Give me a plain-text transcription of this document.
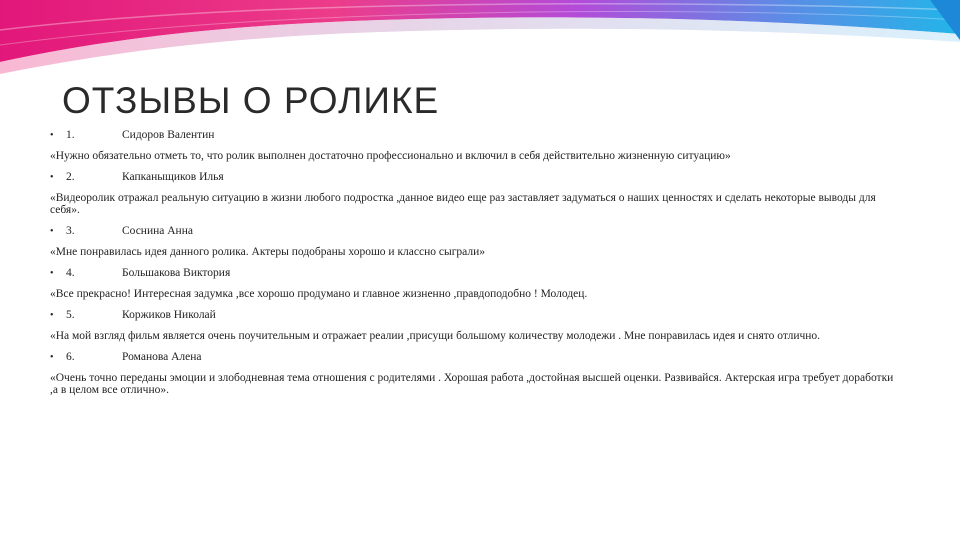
ОТЗЫВЫ О РОЛИКЕ
•	1.	Сидоров Валентин

«Нужно обязательно отметь то, что ролик выполнен достаточно профессионально и включил в себя действительно жизненную ситуацию»

•	2.	Капканыщиков Илья

«Видеоролик отражал реальную ситуацию в жизни любого подростка ,данное видео еще раз заставляет задуматься о наших ценностях и сделать некоторые выводы для себя».

•	3.	Соснина Анна

«Мне понравилась идея данного ролика. Актеры подобраны хорошо и классно сыграли»

•	4.	Большакова Виктория

«Все прекрасно! Интересная задумка ,все хорошо продумано и главное жизненно ,правдоподобно ! Молодец.

•	5.	Коржиков Николай

«На мой взгляд фильм является очень поучительным и отражает реалии ,присущи большому количеству молодежи . Мне понравилась идея и снято отлично.

•	6.	Романова Алена

«Очень точно переданы эмоции и злободневная тема отношения с родителями . Хорошая работа ,достойная высшей оценки. Развивайся. Актерская игра требует доработки ,а в целом все отлично».
